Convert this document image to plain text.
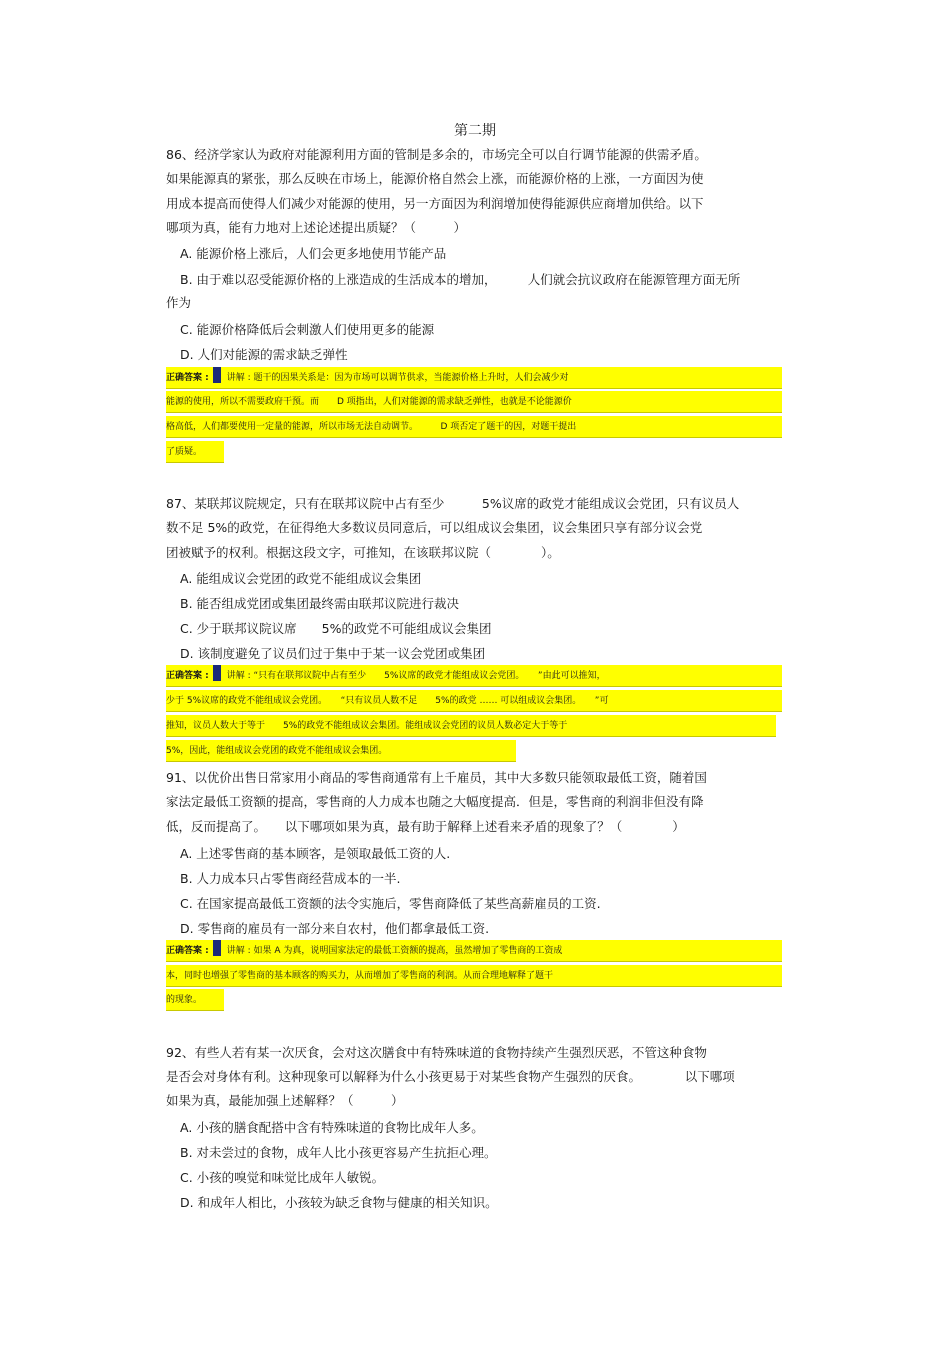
第二期
86、经济学家认为政府对能源利用方面的管制是多余的，市场完全可以自行调节能源的供需矛盾。
如果能源真的紧张，那么反映在市场上，能源价格自然会上涨，而能源价格的上涨，一方面因为使
用成本提高而使得人们减少对能源的使用，另一方面因为利润增加使得能源供应商增加供给。以下
哪项为真，能有力地对上述论述提出质疑？（　　　）
A. 能源价格上涨后，人们会更多地使用节能产品
B. 由于难以忍受能源价格的上涨造成的生活成本的增加，　　　人们就会抗议政府在能源管理方面无所
作为
C. 能源价格降低后会刺激人们使用更多的能源
D. 人们对能源的需求缺乏弹性
正确答案 : 讲解 : 题干的因果关系是：因为市场可以调节供求，当能源价格上升时，人们会减少对
能源的使用，所以不需要政府干预。而　　D 项指出，人们对能源的需求缺乏弹性，也就是不论能源价
格高低，人们都要使用一定量的能源，所以市场无法自动调节。　　　D 项否定了题干的因，对题干提出
了质疑。
87、某联邦议院规定，只有在联邦议院中占有至少　　　5%议席的政党才能组成议会党团，只有议员人
数不足 5%的政党，在征得绝大多数议员同意后，可以组成议会集团，议会集团只享有部分议会党
团被赋予的权利。根据这段文字，可推知，在该联邦议院（　　　　）。
A. 能组成议会党团的政党不能组成议会集团
B. 能否组成党团或集团最终需由联邦议院进行裁决
C. 少于联邦议院议席　　5%的政党不可能组成议会集团
D. 该制度避免了议员们过于集中于某一议会党团或集团
正确答案 : 讲解 : “只有在联邦议院中占有至少　　5%议席的政党才能组成议会党团。　　”由此可以推知，
少于 5%议席的政党不能组成议会党团。　　“只有议员人数不足　　5%的政党 …… 可以组成议会集团。　　”可
推知，议员人数大于等于　　5%的政党不能组成议会集团。能组成议会党团的议员人数必定大于等于
5%，因此，能组成议会党团的政党不能组成议会集团。
91、以优价出售日常家用小商品的零售商通常有上千雇员，其中大多数只能领取最低工资，随着国
家法定最低工资额的提高，零售商的人力成本也随之大幅度提高．但是，零售商的利润非但没有降
低，反而提高了。　　以下哪项如果为真，最有助于解释上述看来矛盾的现象了？（　　　　）
A. 上述零售商的基本顾客，是领取最低工资的人.
B. 人力成本只占零售商经营成本的一半.
C. 在国家提高最低工资额的法令实施后，零售商降低了某些高薪雇员的工资.
D. 零售商的雇员有一部分来自农村，他们都拿最低工资.
正确答案 : 讲解 : 如果 A 为真，说明国家法定的最低工资额的提高，虽然增加了零售商的工资成
本，同时也增强了零售商的基本顾客的购买力，从而增加了零售商的利润。从而合理地解释了题干
的现象。
92、有些人若有某一次厌食，会对这次膳食中有特殊味道的食物持续产生强烈厌恶，不管这种食物
是否会对身体有利。这种现象可以解释为什么小孩更易于对某些食物产生强烈的厌食。　　　　以下哪项
如果为真，最能加强上述解释？（　　　）
A. 小孩的膳食配搭中含有特殊味道的食物比成年人多。
B. 对未尝过的食物，成年人比小孩更容易产生抗拒心理。
C. 小孩的嗅觉和味觉比成年人敏锐。
D. 和成年人相比，小孩较为缺乏食物与健康的相关知识。
